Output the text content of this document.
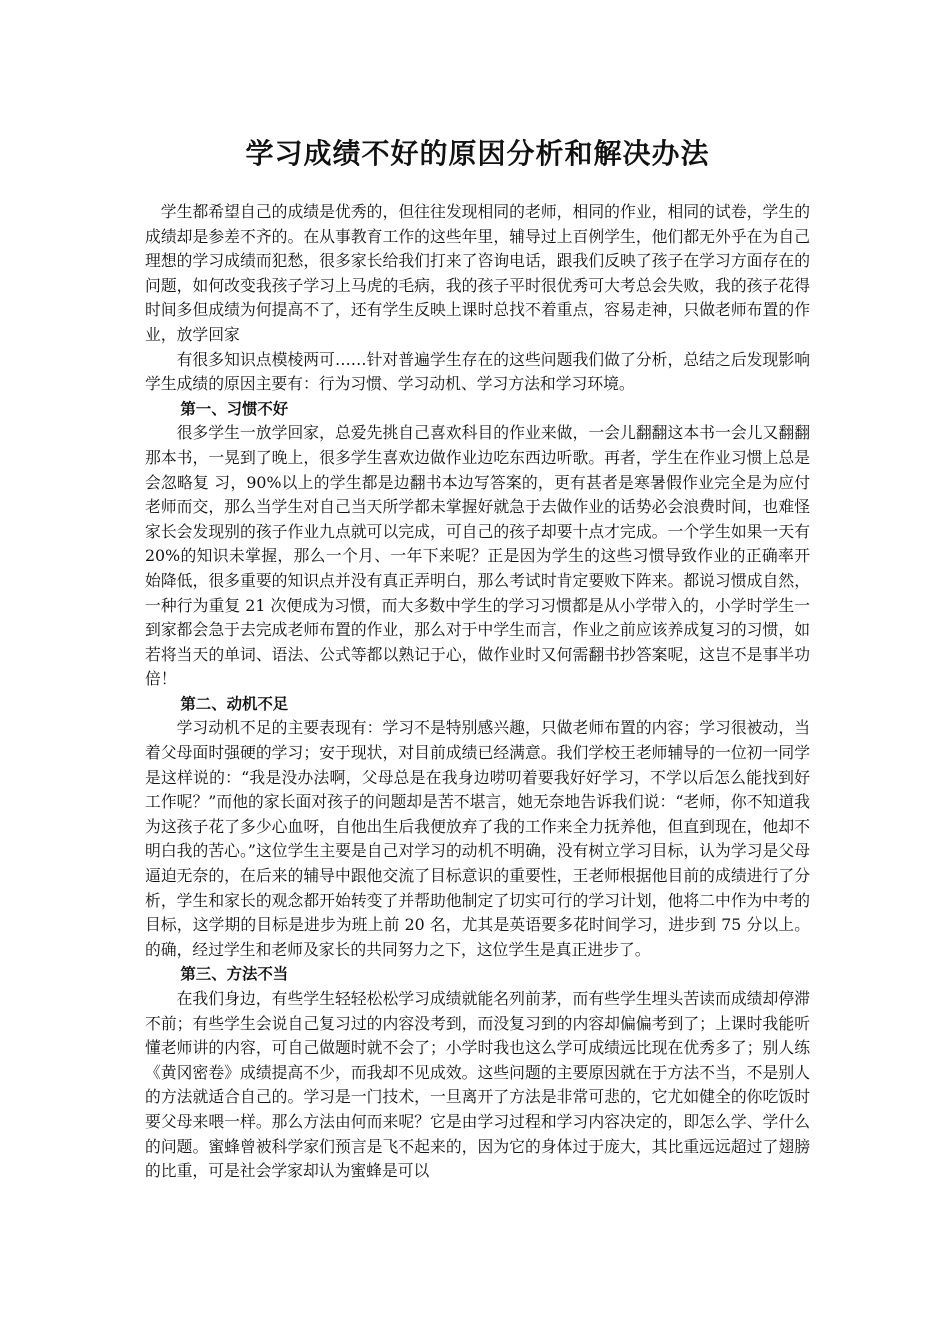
学习成绩不好的原因分析和解决办法

学生都希望自己的成绩是优秀的，但往往发现相同的老师，相同的作业，相同的试卷，学生的成绩却是参差不齐的。在从事教育工作的这些年里，辅导过上百例学生，他们都无外乎在为自己理想的学习成绩而犯愁，很多家长给我们打来了咨询电话，跟我们反映了孩子在学习方面存在的问题，如何改变我孩子学习上马虎的毛病，我的孩子平时很优秀可大考总会失败，我的孩子花得时间多但成绩为何提高不了，还有学生反映上课时总找不着重点，容易走神，只做老师布置的作业，放学回家

有很多知识点模棱两可……针对普遍学生存在的这些问题我们做了分析，总结之后发现影响学生成绩的原因主要有：行为习惯、学习动机、学习方法和学习环境。

第一、习惯不好

很多学生一放学回家，总爱先挑自己喜欢科目的作业来做，一会儿翻翻这本书一会儿又翻翻那本书，一晃到了晚上，很多学生喜欢边做作业边吃东西边听歌。再者，学生在作业习惯上总是会忽略复 习，90%以上的学生都是边翻书本边写答案的，更有甚者是寒暑假作业完全是为应付老师而交，那么当学生对自己当天所学都未掌握好就急于去做作业的话势必会浪费时间，也难怪家长会发现别的孩子作业九点就可以完成，可自己的孩子却要十点才完成。一个学生如果一天有 20%的知识未掌握，那么一个月、一年下来呢？正是因为学生的这些习惯导致作业的正确率开始降低，很多重要的知识点并没有真正弄明白，那么考试时肯定要败下阵来。都说习惯成自然，一种行为重复 21 次便成为习惯，而大多数中学生的学习习惯都是从小学带入的，小学时学生一到家都会急于去完成老师布置的作业，那么对于中学生而言，作业之前应该养成复习的习惯，如若将当天的单词、语法、公式等都以熟记于心，做作业时又何需翻书抄答案呢，这岂不是事半功倍！

第二、动机不足

学习动机不足的主要表现有：学习不是特别感兴趣，只做老师布置的内容；学习很被动，当着父母面时强硬的学习；安于现状，对目前成绩已经满意。我们学校王老师辅导的一位初一同学是这样说的：“我是没办法啊，父母总是在我身边唠叨着要我好好学习，不学以后怎么能找到好工作呢？”而他的家长面对孩子的问题却是苦不堪言，她无奈地告诉我们说：“老师，你不知道我为这孩子花了多少心血呀，自他出生后我便放弃了我的工作来全力抚养他，但直到现在，他却不明白我的苦心。”这位学生主要是自己对学习的动机不明确，没有树立学习目标，认为学习是父母逼迫无奈的，在后来的辅导中跟他交流了目标意识的重要性，王老师根据他目前的成绩进行了分析，学生和家长的观念都开始转变了并帮助他制定了切实可行的学习计划，他将二中作为中考的目标，这学期的目标是进步为班上前 20 名，尤其是英语要多花时间学习，进步到 75 分以上。的确，经过学生和老师及家长的共同努力之下，这位学生是真正进步了。

第三、方法不当

在我们身边，有些学生轻轻松松学习成绩就能名列前茅，而有些学生埋头苦读而成绩却停滞不前；有些学生会说自己复习过的内容没考到，而没复习到的内容却偏偏考到了；上课时我能听懂老师讲的内容，可自己做题时就不会了；小学时我也这么学可成绩远比现在优秀多了；别人练《黄冈密卷》成绩提高不少，而我却不见成效。这些问题的主要原因就在于方法不当，不是别人的方法就适合自己的。学习是一门技术，一旦离开了方法是非常可悲的，它尤如健全的你吃饭时要父母来喂一样。那么方法由何而来呢？它是由学习过程和学习内容决定的，即怎么学、学什么的问题。蜜蜂曾被科学家们预言是飞不起来的，因为它的身体过于庞大，其比重远远超过了翅膀的比重，可是社会学家却认为蜜蜂是可以
